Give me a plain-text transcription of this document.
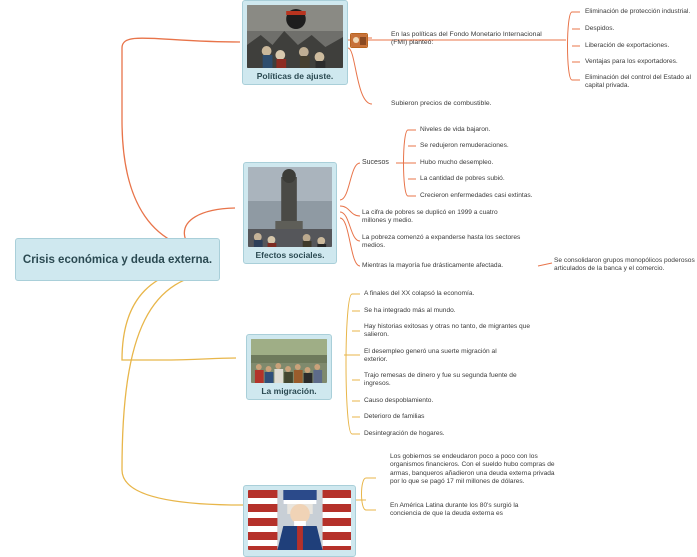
Crisis económica y deuda externa.
Políticas de ajuste.
En las políticas del Fondo Monetario Internacional (FMI) planteó:
Subieron precios de combustible.
Eliminación de protección industrial.
Despidos.
Liberación de exportaciones.
Ventajas para los exportadores.
Eliminación del control del Estado al capital privada.
Efectos sociales.
Sucesos
La cifra de pobres se duplicó en 1999 a cuatro millones y medio.
La pobreza comenzó a expanderse hasta los sectores medios.
Mientras la mayoría fue drásticamente afectada.
Niveles de vida bajaron.
Se redujeron remuderaciones.
Hubo mucho desempleo.
La cantidad de pobres subió.
Crecieron enfermedades casi extintas.
Se consolidaron grupos monopólicos poderosos articulados de la banca y el comercio.
La migración.
A finales del XX colapsó la economía.
Se ha integrado más al mundo.
Hay historias exitosas y otras no tanto, de migrantes que salieron.
El desempleo generó una suerte migración al exterior.
Trajo remesas de dinero y fue su segunda fuente de ingresos.
Causo despoblamiento.
Deterioro de familias
Desintegración de hogares.
Los gobiernos se endeudaron poco a poco con los organismos financieros. Con el sueldo hubo compras de armas, banqueros añadieron una deuda externa privada por lo que se pagó 17 mil millones de dólares.
En América Latina durante los 80's surgió la conciencia de que la deuda externa es
